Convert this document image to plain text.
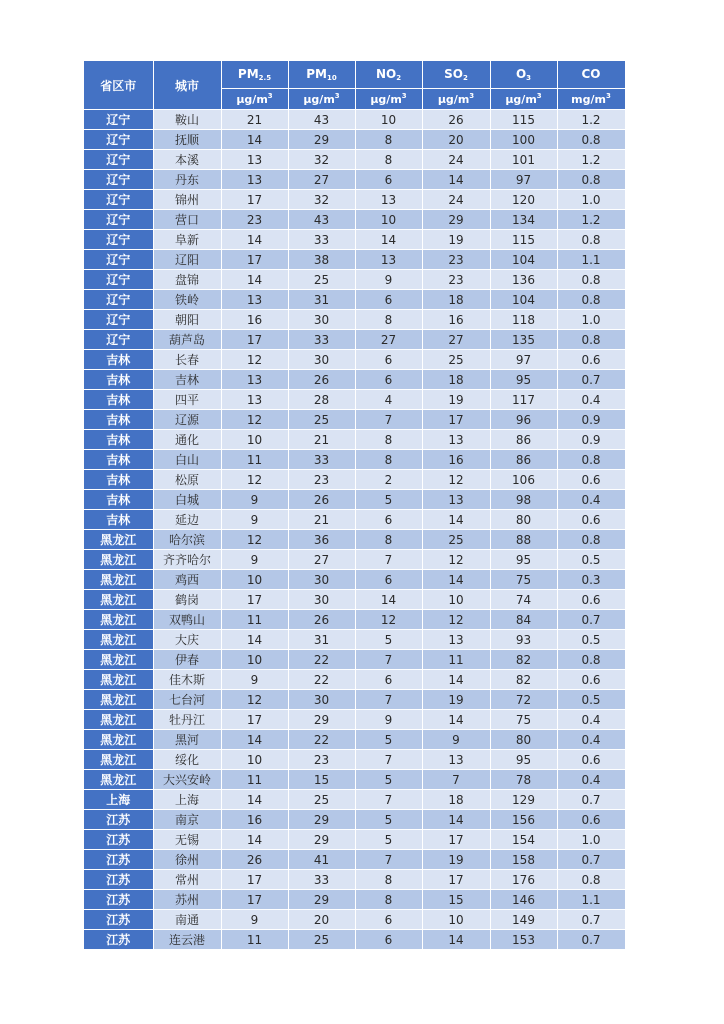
省区市	城市	$PM_{2.5}$	$PM_{10}$	$NO_2$	$SO_2$	$O_3$	CO
		$\mu g/m^3$	$\mu g/m^3$	$\mu g/m^3$	$\mu g/m^3$	$\mu g/m^3$	$mg/m^3$
辽宁	鞍山	21	43	10	26	115	1.2
辽宁	抚顺	14	29	8	20	100	0.8
辽宁	本溪	13	32	8	24	101	1.2
辽宁	丹东	13	27	6	14	97	0.8
辽宁	锦州	17	32	13	24	120	1.0
辽宁	营口	23	43	10	29	134	1.2
辽宁	阜新	14	33	14	19	115	0.8
辽宁	辽阳	17	38	13	23	104	1.1
辽宁	盘锦	14	25	9	23	136	0.8
辽宁	铁岭	13	31	6	18	104	0.8
辽宁	朝阳	16	30	8	16	118	1.0
辽宁	葫芦岛	17	33	27	27	135	0.8
吉林	长春	12	30	6	25	97	0.6
吉林	吉林	13	26	6	18	95	0.7
吉林	四平	13	28	4	19	117	0.4
吉林	辽源	12	25	7	17	96	0.9
吉林	通化	10	21	8	13	86	0.9
吉林	白山	11	33	8	16	86	0.8
吉林	松原	12	23	2	12	106	0.6
吉林	白城	9	26	5	13	98	0.4
吉林	延边	9	21	6	14	80	0.6
黑龙江	哈尔滨	12	36	8	25	88	0.8
黑龙江	齐齐哈尔	9	27	7	12	95	0.5
黑龙江	鸡西	10	30	6	14	75	0.3
黑龙江	鹤岗	17	30	14	10	74	0.6
黑龙江	双鸭山	11	26	12	12	84	0.7
黑龙江	大庆	14	31	5	13	93	0.5
黑龙江	伊春	10	22	7	11	82	0.8
黑龙江	佳木斯	9	22	6	14	82	0.6
黑龙江	七台河	12	30	7	19	72	0.5
黑龙江	牡丹江	17	29	9	14	75	0.4
黑龙江	黑河	14	22	5	9	80	0.4
黑龙江	绥化	10	23	7	13	95	0.6
黑龙江	大兴安岭	11	15	5	7	78	0.4
上海	上海	14	25	7	18	129	0.7
江苏	南京	16	29	5	14	156	0.6
江苏	无锡	14	29	5	17	154	1.0
江苏	徐州	26	41	7	19	158	0.7
江苏	常州	17	33	8	17	176	0.8
江苏	苏州	17	29	8	15	146	1.1
江苏	南通	9	20	6	10	149	0.7
江苏	连云港	11	25	6	14	153	0.7
